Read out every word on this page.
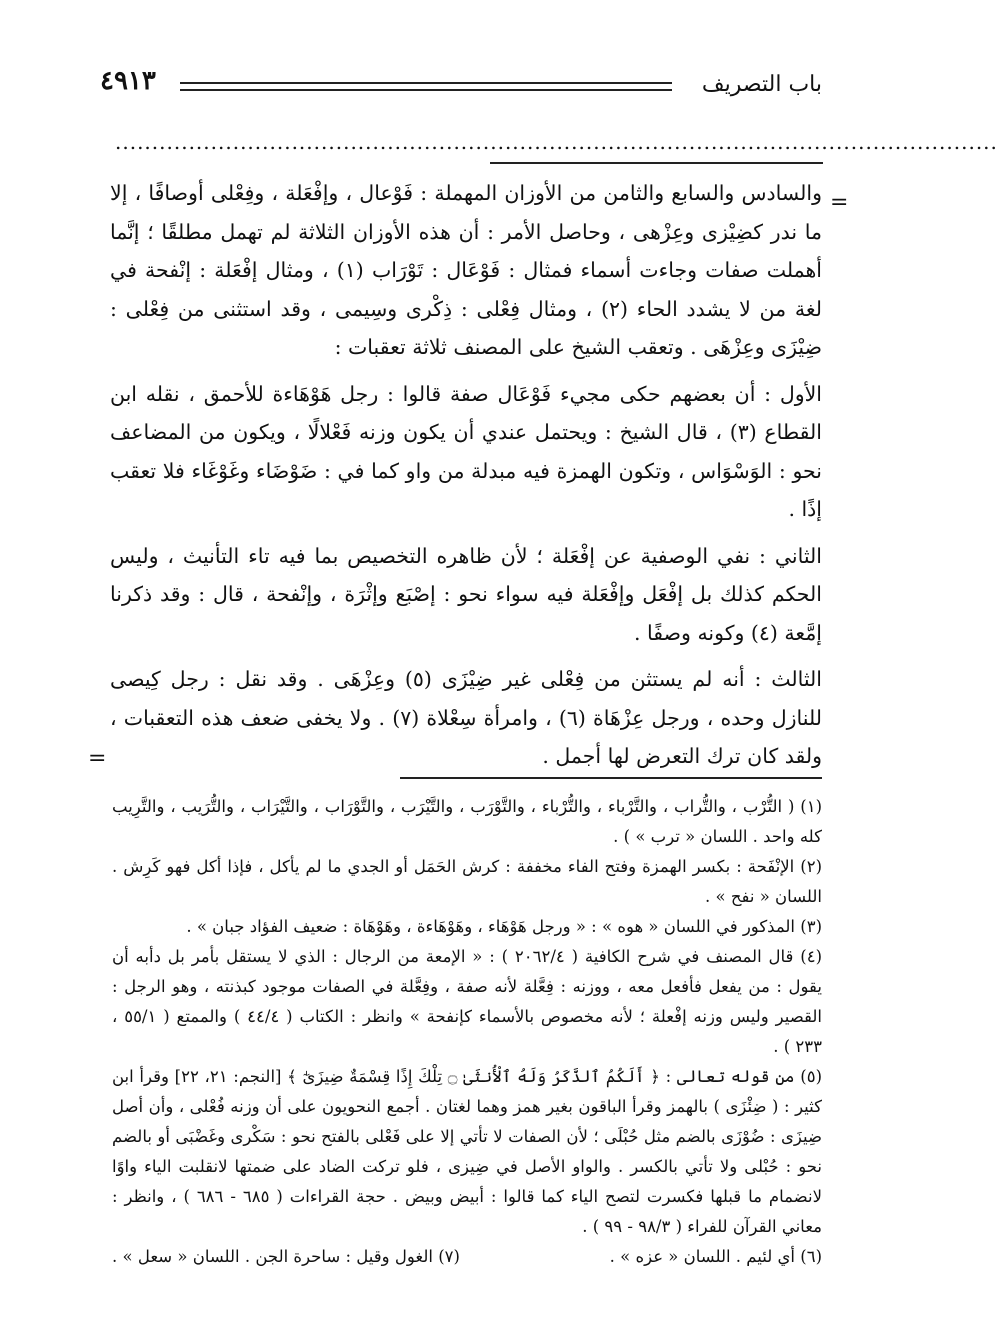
٤٩١٣	باب التصريف
........................................................................................................................
=
=

والسادس والسابع والثامن من الأوزان المهملة : فَوْعال ، وإفْعَلة ، وفِعْلى أوصافًا ، إلا ما ندر كضِيْزى وعِزْهى ، وحاصل الأمر : أن هذه الأوزان الثلاثة لم تهمل مطلقًا ؛ إنَّما أهملت صفات وجاءت أسماء فمثال : فَوْعَال : تَوْرَاب (١) ، ومثال إفْعَلة : إنْفحة في لغة من لا يشدد الحاء (٢) ، ومثال فِعْلى : ذِكْرى وسِيمى ، وقد استثنى من فِعْلى : ضِيْزَى وعِزْهَى . وتعقب الشيخ على المصنف ثلاثة تعقبات :

الأول : أن بعضهم حكى مجيء فَوْعَال صفة قالوا : رجل هَوْهَاءة للأحمق ، نقله ابن القطاع (٣) ، قال الشيخ : ويحتمل عندي أن يكون وزنه فَعْلالًا ، ويكون من المضاعف نحو : الوَسْوَاس ، وتكون الهمزة فيه مبدلة من واو كما في : ضَوْضَاء وغَوْغَاء فلا تعقب إذًا .

الثاني : نفي الوصفية عن إفْعَلة ؛ لأن ظاهره التخصيص بما فيه تاء التأنيث ، وليس الحكم كذلك بل إفْعَل وإفْعَلة فيه سواء نحو : إصْبَع وإثْرَة ، وإنْفحة ، قال : وقد ذكرنا إمَّعة (٤) وكونه وصفًا .

الثالث : أنه لم يستثن من فِعْلى غير ضِيْزَى (٥) وعِزْهَى . وقد نقل : رجل كِيصى للنازل وحده ، ورجل عِزْهَاة (٦) ، وامرأة سِعْلاة (٧) . ولا يخفى ضعف هذه التعقبات ، ولقد كان ترك التعرض لها أجمل .

(١) ( التُّرْب ، والتُّراب ، والتَّرْباء ، والتُّرْباء ، والتَّوْرَب ، والتَّيْرَب ، والتَّوْرَاب ، والتَّيْرَاب ، والتُّرَيب ، والتَّرِيب كله واحد . اللسان « ترب » ) .

(٢) الإنْفَحة : بكسر الهمزة وفتح الفاء مخففة : كرش الحَمَل أو الجدي ما لم يأكل ، فإذا أكل فهو كَرِش . اللسان « نفح » .

(٣) المذكور في اللسان « هوه » : « ورجل هَوْهَاء ، وهَوْهَاءة ، وهَوْهَاة : ضعيف الفؤاد جبان » .

(٤) قال المصنف في شرح الكافية ( ٢٠٦٢/٤ ) : « الإمعة من الرجال : الذي لا يستقل بأمر بل دأبه أن يقول : من يفعل فأفعل معه ، ووزنه : فِعَّلة لأنه صفة ، وفِعَّلة في الصفات موجود كبذنته ، وهو الرجل : القصير وليس وزنه إفْعلة ؛ لأنه مخصوص بالأسماء كإنفحة » وانظر : الكتاب ( ٤٤/٤ ) والممتع ( ٥٥/١ ، ٢٣٣ ) .

(٥) من قوله تعالى : ﴿ أَلَكُمُ ٱلذَّكَرُ وَلَهُ ٱلْأُنثَىٰ ۝ تِلْكَ إِذًا قِسْمَةٌ ضِيزَىٰٓ ﴾ [النجم: ٢١، ٢٢] وقرأ ابن كثير : ( ضِئْزَى ) بالهمز وقرأ الباقون بغير همز وهما لغتان . أجمع النحويون على أن وزنه فُعْلى ، وأن أصل ضِيزَى : ضُوْزَى بالضم مثل حُبْلَى ؛ لأن الصفات لا تأتي إلا على فَعْلى بالفتح نحو : سَكْرى وغَضْبَى أو بالضم نحو : حُبْلى ولا تأتي بالكسر . والواو الأصل في ضِيزى ، فلو تركت الضاد على ضمتها لانقلبت الياء واوًا لانضمام ما قبلها فكسرت لتصح الياء كما قالوا : أبيض وبيض . حجة القراءات ( ٦٨٥ - ٦٨٦ ) ، وانظر : معاني القرآن للفراء ( ٩٨/٣ - ٩٩ ) .

(٦) أي لئيم . اللسان « عزه » .
(٧) الغول وقيل : ساحرة الجن . اللسان « سعل » .
